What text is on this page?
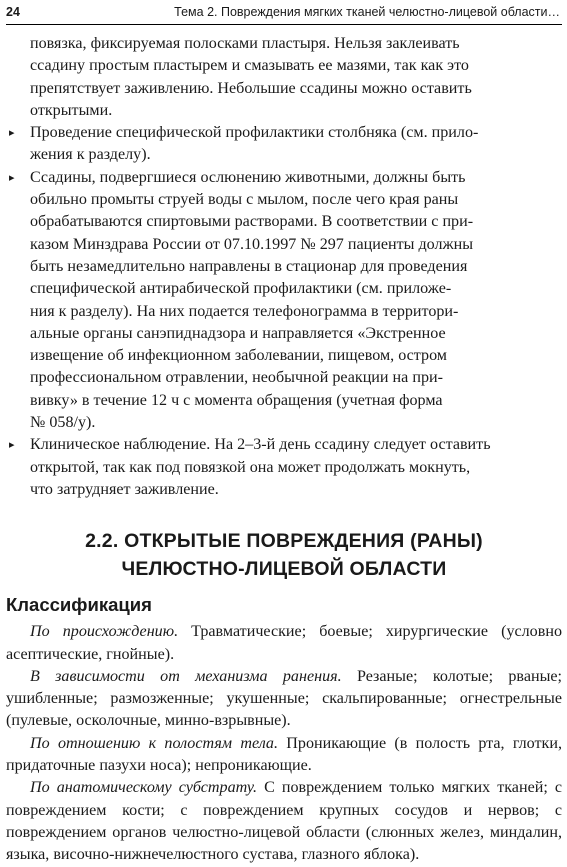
24	Тема 2. Повреждения мягких тканей челюстно-лицевой области…

повязка, фиксируемая полосками пластыря. Нельзя заклеивать

ссадину простым пластырем и смазывать ее мазями, так как это

препятствует заживлению. Небольшие ссадины можно оставить

открытыми.

▸ Проведение специфической профилактики столбняка (см. прило-

жения к разделу).

▸ Ссадины, подвергшиеся ослюнению животными, должны быть

обильно промыты струей воды с мылом, после чего края раны

обрабатываются спиртовыми растворами. В соответствии с при-

казом Минздрава России от 07.10.1997 № 297 пациенты должны

быть незамедлительно направлены в стационар для проведения

специфической антирабической профилактики (см. приложе-

ния к разделу). На них подается телефонограмма в территори-

альные органы санэпиднадзора и направляется «Экстренное

извещение об инфекционном заболевании, пищевом, остром

профессиональном отравлении, необычной реакции на при-

вивку» в течение 12 ч с момента обращения (учетная форма

№ 058/у).

▸ Клиническое наблюдение. На 2–3-й день ссадину следует оставить

открытой, так как под повязкой она может продолжать мокнуть,

что затрудняет заживление.

2.2. ОТКРЫТЫЕ ПОВРЕЖДЕНИЯ (РАНЫ)
ЧЕЛЮСТНО-ЛИЦЕВОЙ ОБЛАСТИ
Классификация

По происхождению. Травматические; боевые; хирургические (условно асептические, гнойные).

В зависимости от механизма ранения. Резаные; колотые; рваные; ушибленные; размозженные; укушенные; скальпированные; огнестрельные (пулевые, осколочные, минно-взрывные).

По отношению к полостям тела. Проникающие (в полость рта, глотки, придаточные пазухи носа); непроникающие.

По анатомическому субстрату. С повреждением только мягких тканей; с повреждением кости; с повреждением крупных сосудов и нервов; с повреждением органов челюстно-лицевой области (слюнных желез, миндалин, языка, височно-нижнечелюстного сустава, глазного яблока).
